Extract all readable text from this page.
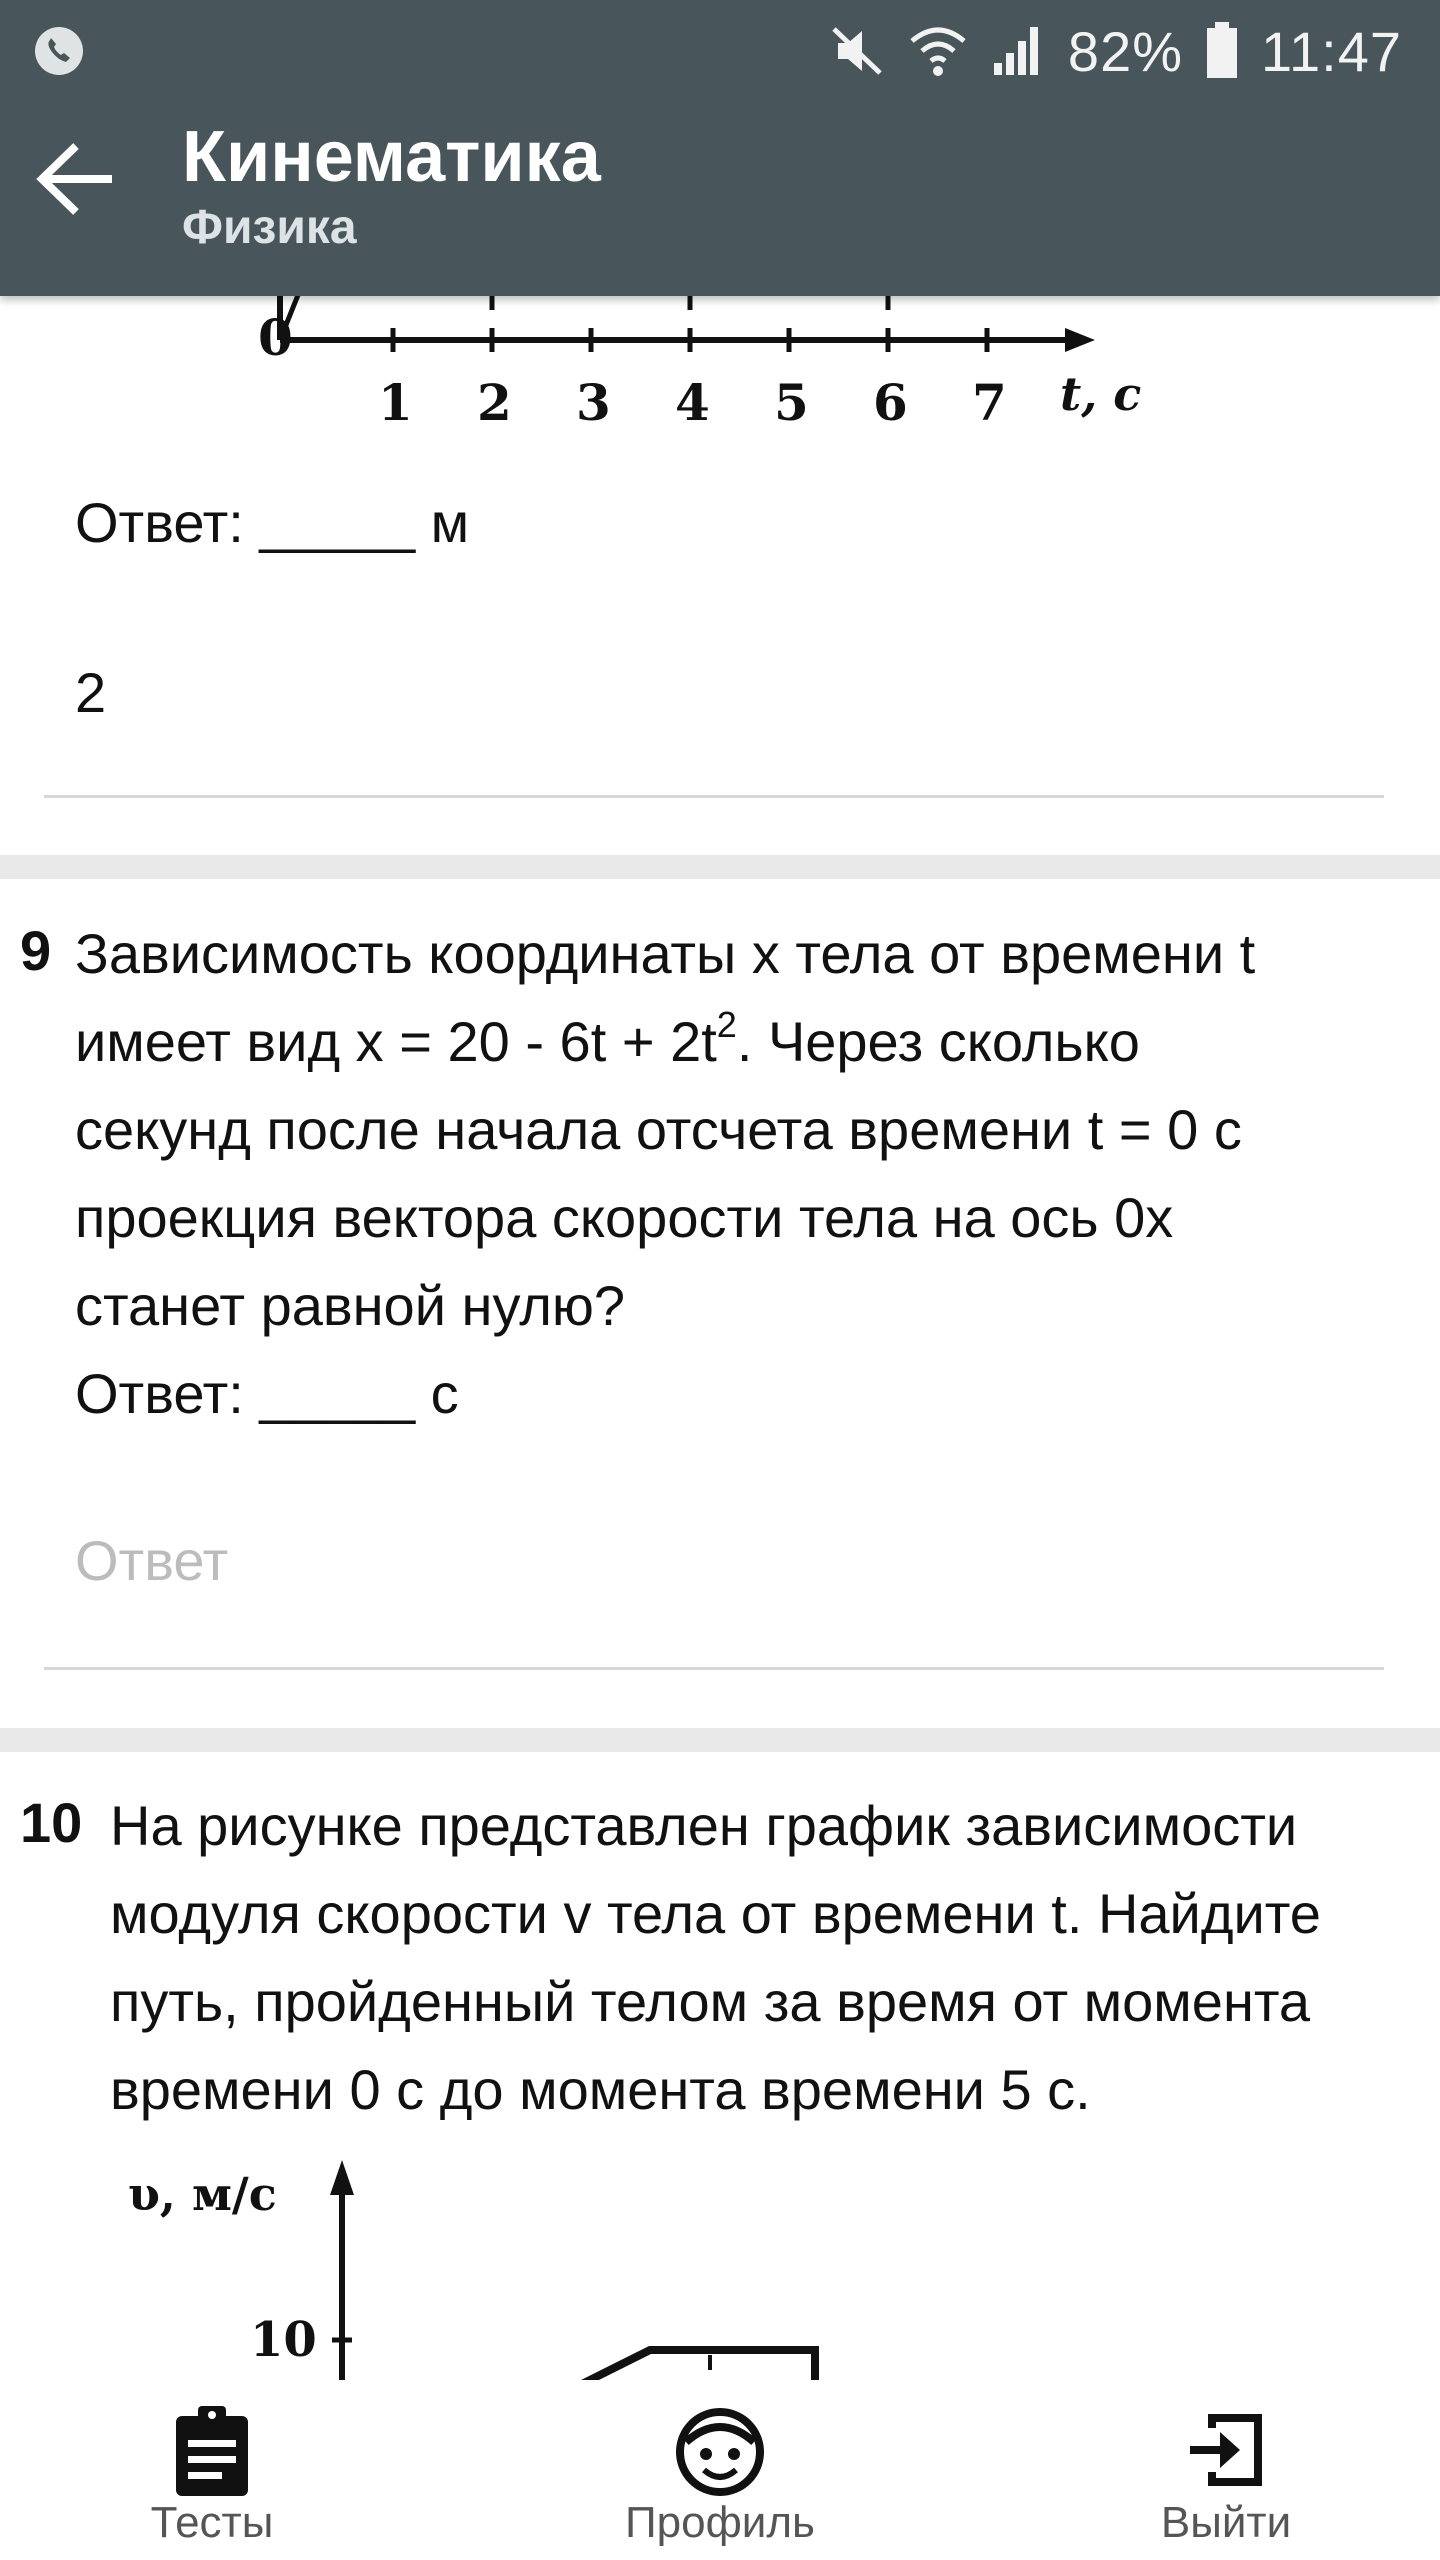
0
1 2 3 4 5 6 7 t, c
Ответ: _____ м
2
9 Зависимость координаты x тела от времени t
имеет вид $x = 20 - 6t + 2t^2$. Через сколько
секунд после начала отсчета времени t = 0 с
проекция вектора скорости тела на ось 0x
станет равной нулю?
Ответ: _____ с
Ответ
10 На рисунке представлен график зависимости
модуля скорости v тела от времени t. Найдите
путь, пройденный телом за время от момента
времени 0 с до момента времени 5 с.
υ, м/с
10
82% 11:47
Кинематика
Физика
Тесты	Профиль	Выйти
